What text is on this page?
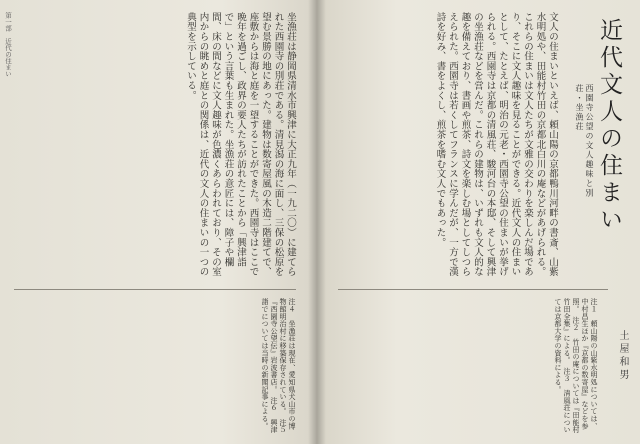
第一部　近代の住まい	坐漁荘は静岡県清水市興津に大正九年（一九二〇）に建てられた西園寺の別荘である。清見潟の海に面し、三保の松原を望む景勝の地にあった。建物は数寄屋風の木造二階建てで、座敷からは海と庭を一望することができた。西園寺はここで晩年を過ごし、政界の要人たちが訪れたことから「興津詣で」という言葉も生まれた。坐漁荘の意匠には、障子や欄間、床の間などに文人趣味が色濃くあらわれており、その室内からの眺めと庭との関係は、近代の文人の住まいの一つの典型を示している。
注４　坐漁荘は現在、愛知県犬山市の博物館明治村に移築保存されている。　注５　『西園寺公望伝』岩波書店。　注６　興津詣でについては当時の新聞記事による。
文人の住まいといえば、頼山陽の京都鴨川河畔の書斎、山紫水明処や、田能村竹田の京都北白川の庵などがあげられる。これらの住まいは文人たちが文雅の交わりを楽しんだ場であり、そこに文人趣味を見ることができる。近代文人の住まいとして、たとえば、明治の元老・西園寺公望の住まいが挙げられる。西園寺は京都の清風荘、駿河台の本邸、そして興津の坐漁荘などを営んだ。これらの建物は、いずれも文人的な趣を備えており、書画や煎茶、詩文を楽しむ場としてしつらえられた。西園寺は若くしてフランスに学んだが、一方で漢詩を好み、書をよくし、煎茶を嗜む文人でもあった。	西園寺公望の文人趣味と別荘・坐漁荘 近代文人の住まい
注１　頼山陽の山紫水明処については、中村昌生ほか『京都の数寄屋』などを参照。　注２　竹田の庵については『田能村竹田全集』による。　注３　清風荘については京都大学の資料による。	土屋和男
